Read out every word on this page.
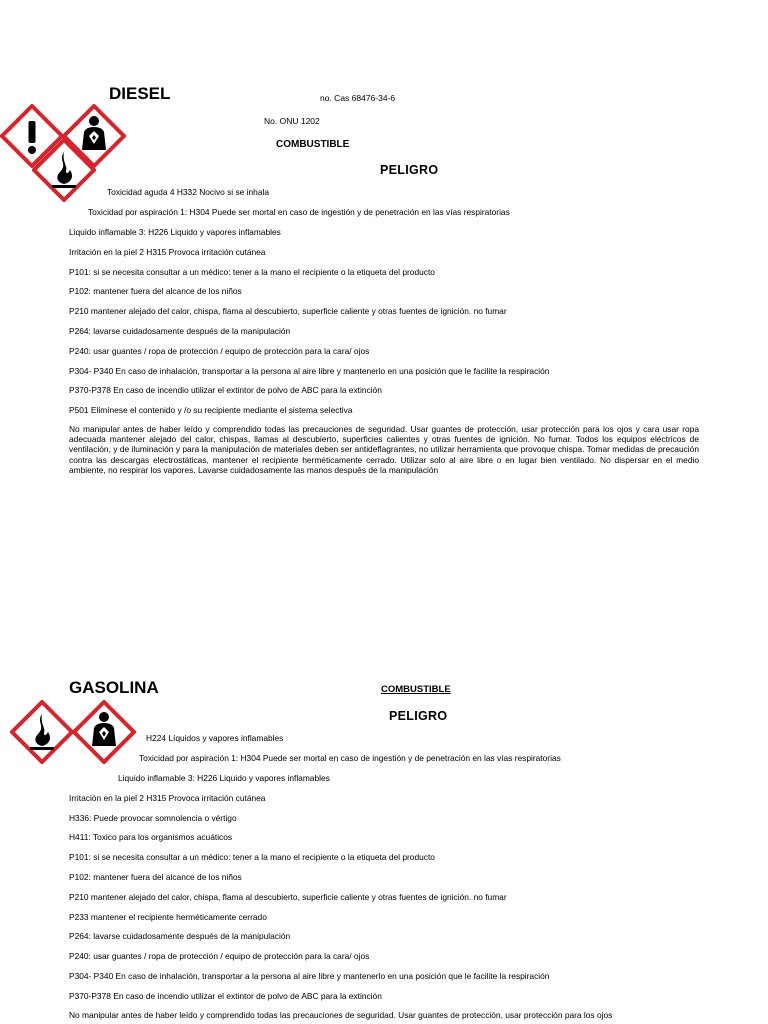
DIESEL	no. Cas 68476-34-6
No. ONU 1202
COMBUSTIBLE
PELIGRO
Toxicidad aguda 4 H332 Nocivo si se inhala
Toxicidad por aspiración 1: H304 Puede ser mortal en caso de ingestión y de penetración en las vías respiratorias
Liquido inflamable 3: H226 Liquido y vapores inflamables
Irritación en la piel 2 H315 Provoca irritación cutánea
P101: si se necesita consultar a un médico: tener a la mano el recipiente o la etiqueta del producto
P102: mantener fuera del alcance de los niños
P210 mantener alejado del calor, chispa, flama al descubierto, superficie caliente y otras fuentes de ignición. no fumar
P264: lavarse cuidadosamente después de la manipulación
P240: usar guantes / ropa de protección / equipo de protección para la cara/ ojos
P304- P340 En caso de inhalación, transportar a la persona al aire libre y mantenerlo en una posición que le facilite la respiración
P370-P378 En caso de incendio utilizar el extintor de polvo de ABC para la extinción
P501 Elimínese el contenido y /o su recipiente mediante el sistema selectiva
No manipular antes de haber leído y comprendido todas las precauciones de seguridad. Usar guantes de protección, usar protección para los ojos y cara usar ropa adecuada mantener alejado del calor, chispas, llamas al descubierto, superficies calientes y otras fuentes de ignición. No fumar. Todos los equipos eléctricos de ventilación, y de iluminación y para la manipulación de materiales deben ser antideflagrantes, no utilizar herramienta que provoque chispa. Tomar medidas de precaución contra las descargas electrostáticas, mantener el recipiente herméticamente cerrado. Utilizar solo al aire libre o en lugar bien ventilado. No dispersar en el medio ambiente, no respirar los vapores. Lavarse cuidadosamente las manos después de la manipulación
GASOLINA	COMBUSTIBLE
PELIGRO
H224 Líquidos y vapores inflamables
Toxicidad por aspiración 1: H304 Puede ser mortal en caso de ingestión y de penetración en las vías respiratorias
Liquido inflamable 3: H226 Liquido y vapores inflamables
Irritación en la piel 2 H315 Provoca irritación cutánea
H336: Puede provocar somnolencia o vértigo
H411: Toxico para los organismos acuáticos
P101: si se necesita consultar a un médico: tener a la mano el recipiente o la etiqueta del producto
P102: mantener fuera del alcance de los niños
P210 mantener alejado del calor, chispa, flama al descubierto, superficie caliente y otras fuentes de ignición. no fumar
P233 mantener el recipiente herméticamente cerrado
P264: lavarse cuidadosamente después de la manipulación
P240: usar guantes / ropa de protección / equipo de protección para la cara/ ojos
P304- P340 En caso de inhalación, transportar a la persona al aire libre y mantenerlo en una posición que le facilite la respiración
P370-P378 En caso de incendio utilizar el extintor de polvo de ABC para la extinción
No manipular antes de haber leído y comprendido todas las precauciones de seguridad. Usar guantes de protección, usar protección para los ojos
